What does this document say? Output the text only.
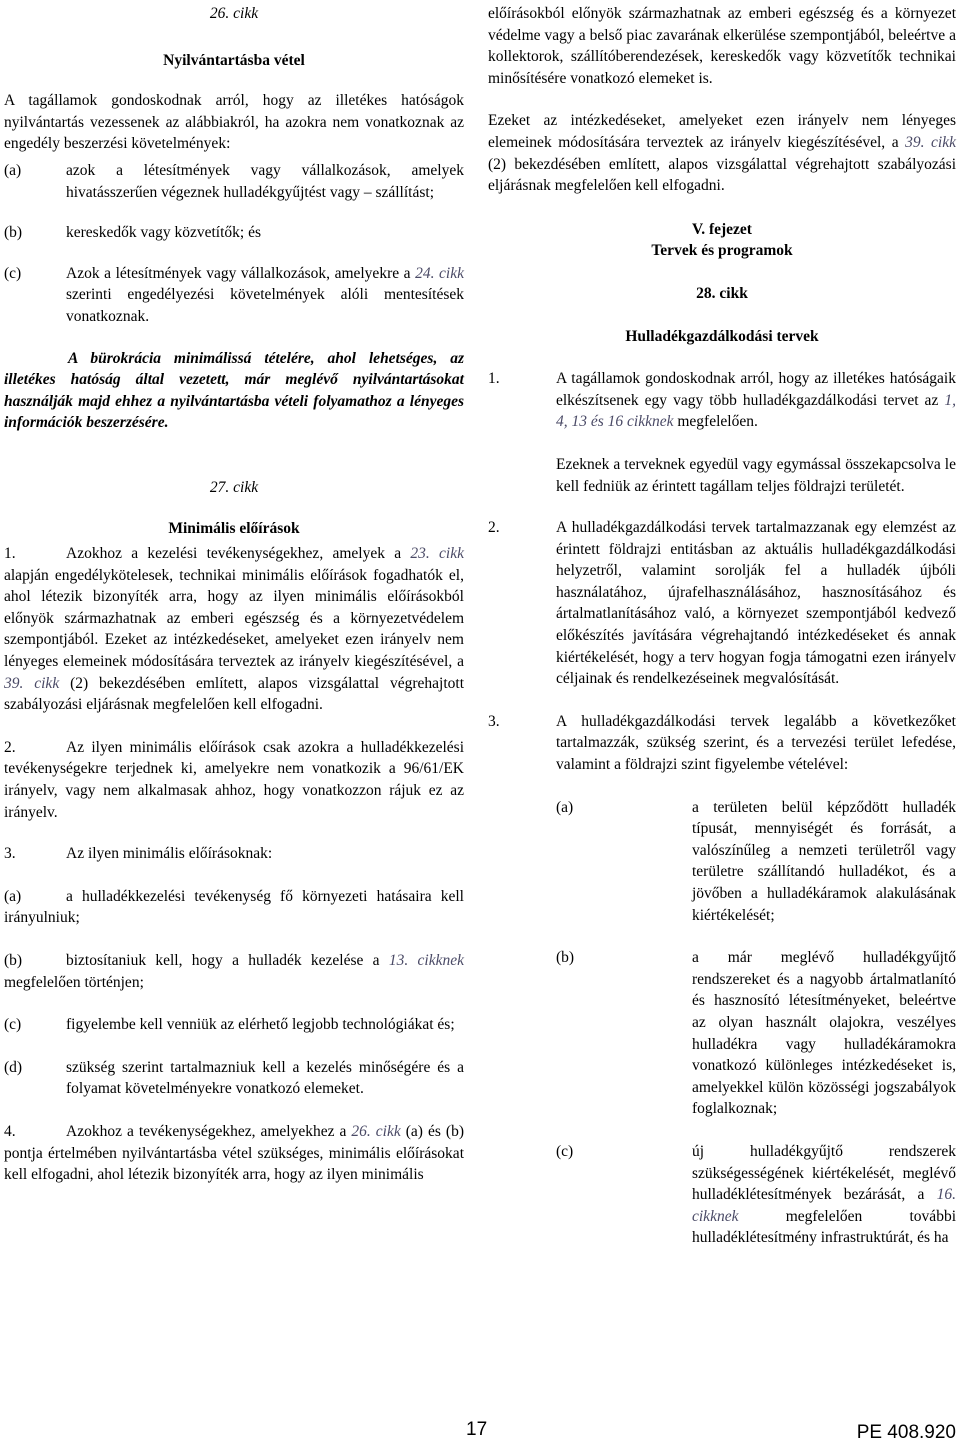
26. cikk

Nyilvántartásba vétel

A tagállamok gondoskodnak arról, hogy az illetékes hatóságok nyilvántartás vezessenek az alábbiakról, ha azokra nem vonatkoznak az engedély beszerzési követelmények:

(a)	azok a létesítmények vagy vállalkozások, amelyek hivatásszerűen végeznek hulladékgyűjtést vagy – szállítást;
(b)	kereskedők vagy közvetítők; és
(c)	Azok a létesítmények vagy vállalkozások, amelyekre a 24. cikk szerinti engedélyezési követelmények alóli mentesítések vonatkoznak.

A bürokrácia minimálissá tételére, ahol lehetséges, az illetékes hatóság által vezetett, már meglévő nyilvántartásokat használják majd ehhez a nyilvántartásba vételi folyamathoz a lényeges információk beszerzésére.

27. cikk

Minimális előírások

1.	Azokhoz a kezelési tevékenységekhez, amelyek a 23. cikk alapján engedélykötelesek, technikai minimális előírások fogadhatók el, ahol létezik bizonyíték arra, hogy az ilyen minimális előírásokból előnyök származhatnak az emberi egészség és a környezetvédelem szempontjából. Ezeket az intézkedéseket, amelyeket ezen irányelv nem lényeges elemeinek módosítására terveztek az irányelv kiegészítésével, a 39. cikk (2) bekezdésében említett, alapos vizsgálattal végrehajtott szabályozási eljárásnak megfelelően kell elfogadni.

2.	Az ilyen minimális előírások csak azokra a hulladékkezelési tevékenységekre terjednek ki, amelyekre nem vonatkozik a 96/61/EK irányelv, vagy nem alkalmasak ahhoz, hogy vonatkozzon rájuk ez az irányelv.

3.	Az ilyen minimális előírásoknak:

(a)	a hulladékkezelési tevékenység fő környezeti hatásaira kell irányulniuk;

(b)	biztosítaniuk kell, hogy a hulladék kezelése a 13. cikknek megfelelően történjen;

(c)	figyelembe kell venniük az elérhető legjobb technológiákat és;

(d)	szükség szerint tartalmazniuk kell a kezelés minőségére és a folyamat követelményekre vonatkozó elemeket.

4.	Azokhoz a tevékenységekhez, amelyekhez a 26. cikk (a) és (b) pontja értelmében nyilvántartásba vétel szükséges, minimális előírásokat kell elfogadni, ahol létezik bizonyíték arra, hogy az ilyen minimális

előírásokból előnyök származhatnak az emberi egészség és a környezet védelme vagy a belső piac zavarának elkerülése szempontjából, beleértve a kollektorok, szállítóberendezések, kereskedők vagy közvetítők technikai minősítésére vonatkozó elemeket is.

Ezeket az intézkedéseket, amelyeket ezen irányelv nem lényeges elemeinek módosítására terveztek az irányelv kiegészítésével, a 39. cikk (2) bekezdésében említett, alapos vizsgálattal végrehajtott szabályozási eljárásnak megfelelően kell elfogadni.

V. fejezet

Tervek és programok

28. cikk

Hulladékgazdálkodási tervek

1.	A tagállamok gondoskodnak arról, hogy az illetékes hatóságaik elkészítsenek egy vagy több hulladékgazdálkodási tervet az 1, 4, 13 és 16 cikknek megfelelően.
Ezeknek a terveknek egyedül vagy egymással összekapcsolva le kell fedniük az érintett tagállam teljes földrajzi területét.
2.	A hulladékgazdálkodási tervek tartalmazzanak egy elemzést az érintett földrajzi entitásban az aktuális hulladékgazdálkodási helyzetről, valamint sorolják fel a hulladék újbóli használatához, újrafelhasználásához, hasznosításához és ártalmatlanításához való, a környezet szempontjából kedvező előkészítés javítására végrehajtandó intézkedéseket és annak kiértékelését, hogy a terv hogyan fogja támogatni ezen irányelv céljainak és rendelkezéseinek megvalósítását.
3.	A hulladékgazdálkodási tervek legalább a következőket tartalmazzák, szükség szerint, és a tervezési terület lefedése, valamint a földrajzi szint figyelembe vételével:
(a)	a területen belül képződött hulladék típusát, mennyiségét és forrását, a valószínűleg a nemzeti területről vagy területre szállítandó hulladékot, és a jövőben a hulladékáramok alakulásának kiértékelését;
(b)	a már meglévő hulladékgyűjtő rendszereket és a nagyobb ártalmatlanító és hasznosító létesítményeket, beleértve az olyan használt olajokra, veszélyes hulladékra vagy hulladékáramokra vonatkozó különleges intézkedéseket is, amelyekkel külön közösségi jogszabályok foglalkoznak;
(c)	új hulladékgyűjtő rendszerek szükségességének kiértékelését, meglévő hulladéklétesítmények bezárását, a 16. cikknek megfelelően további hulladéklétesítmény infrastruktúrát, és ha
17	PE 408.920
